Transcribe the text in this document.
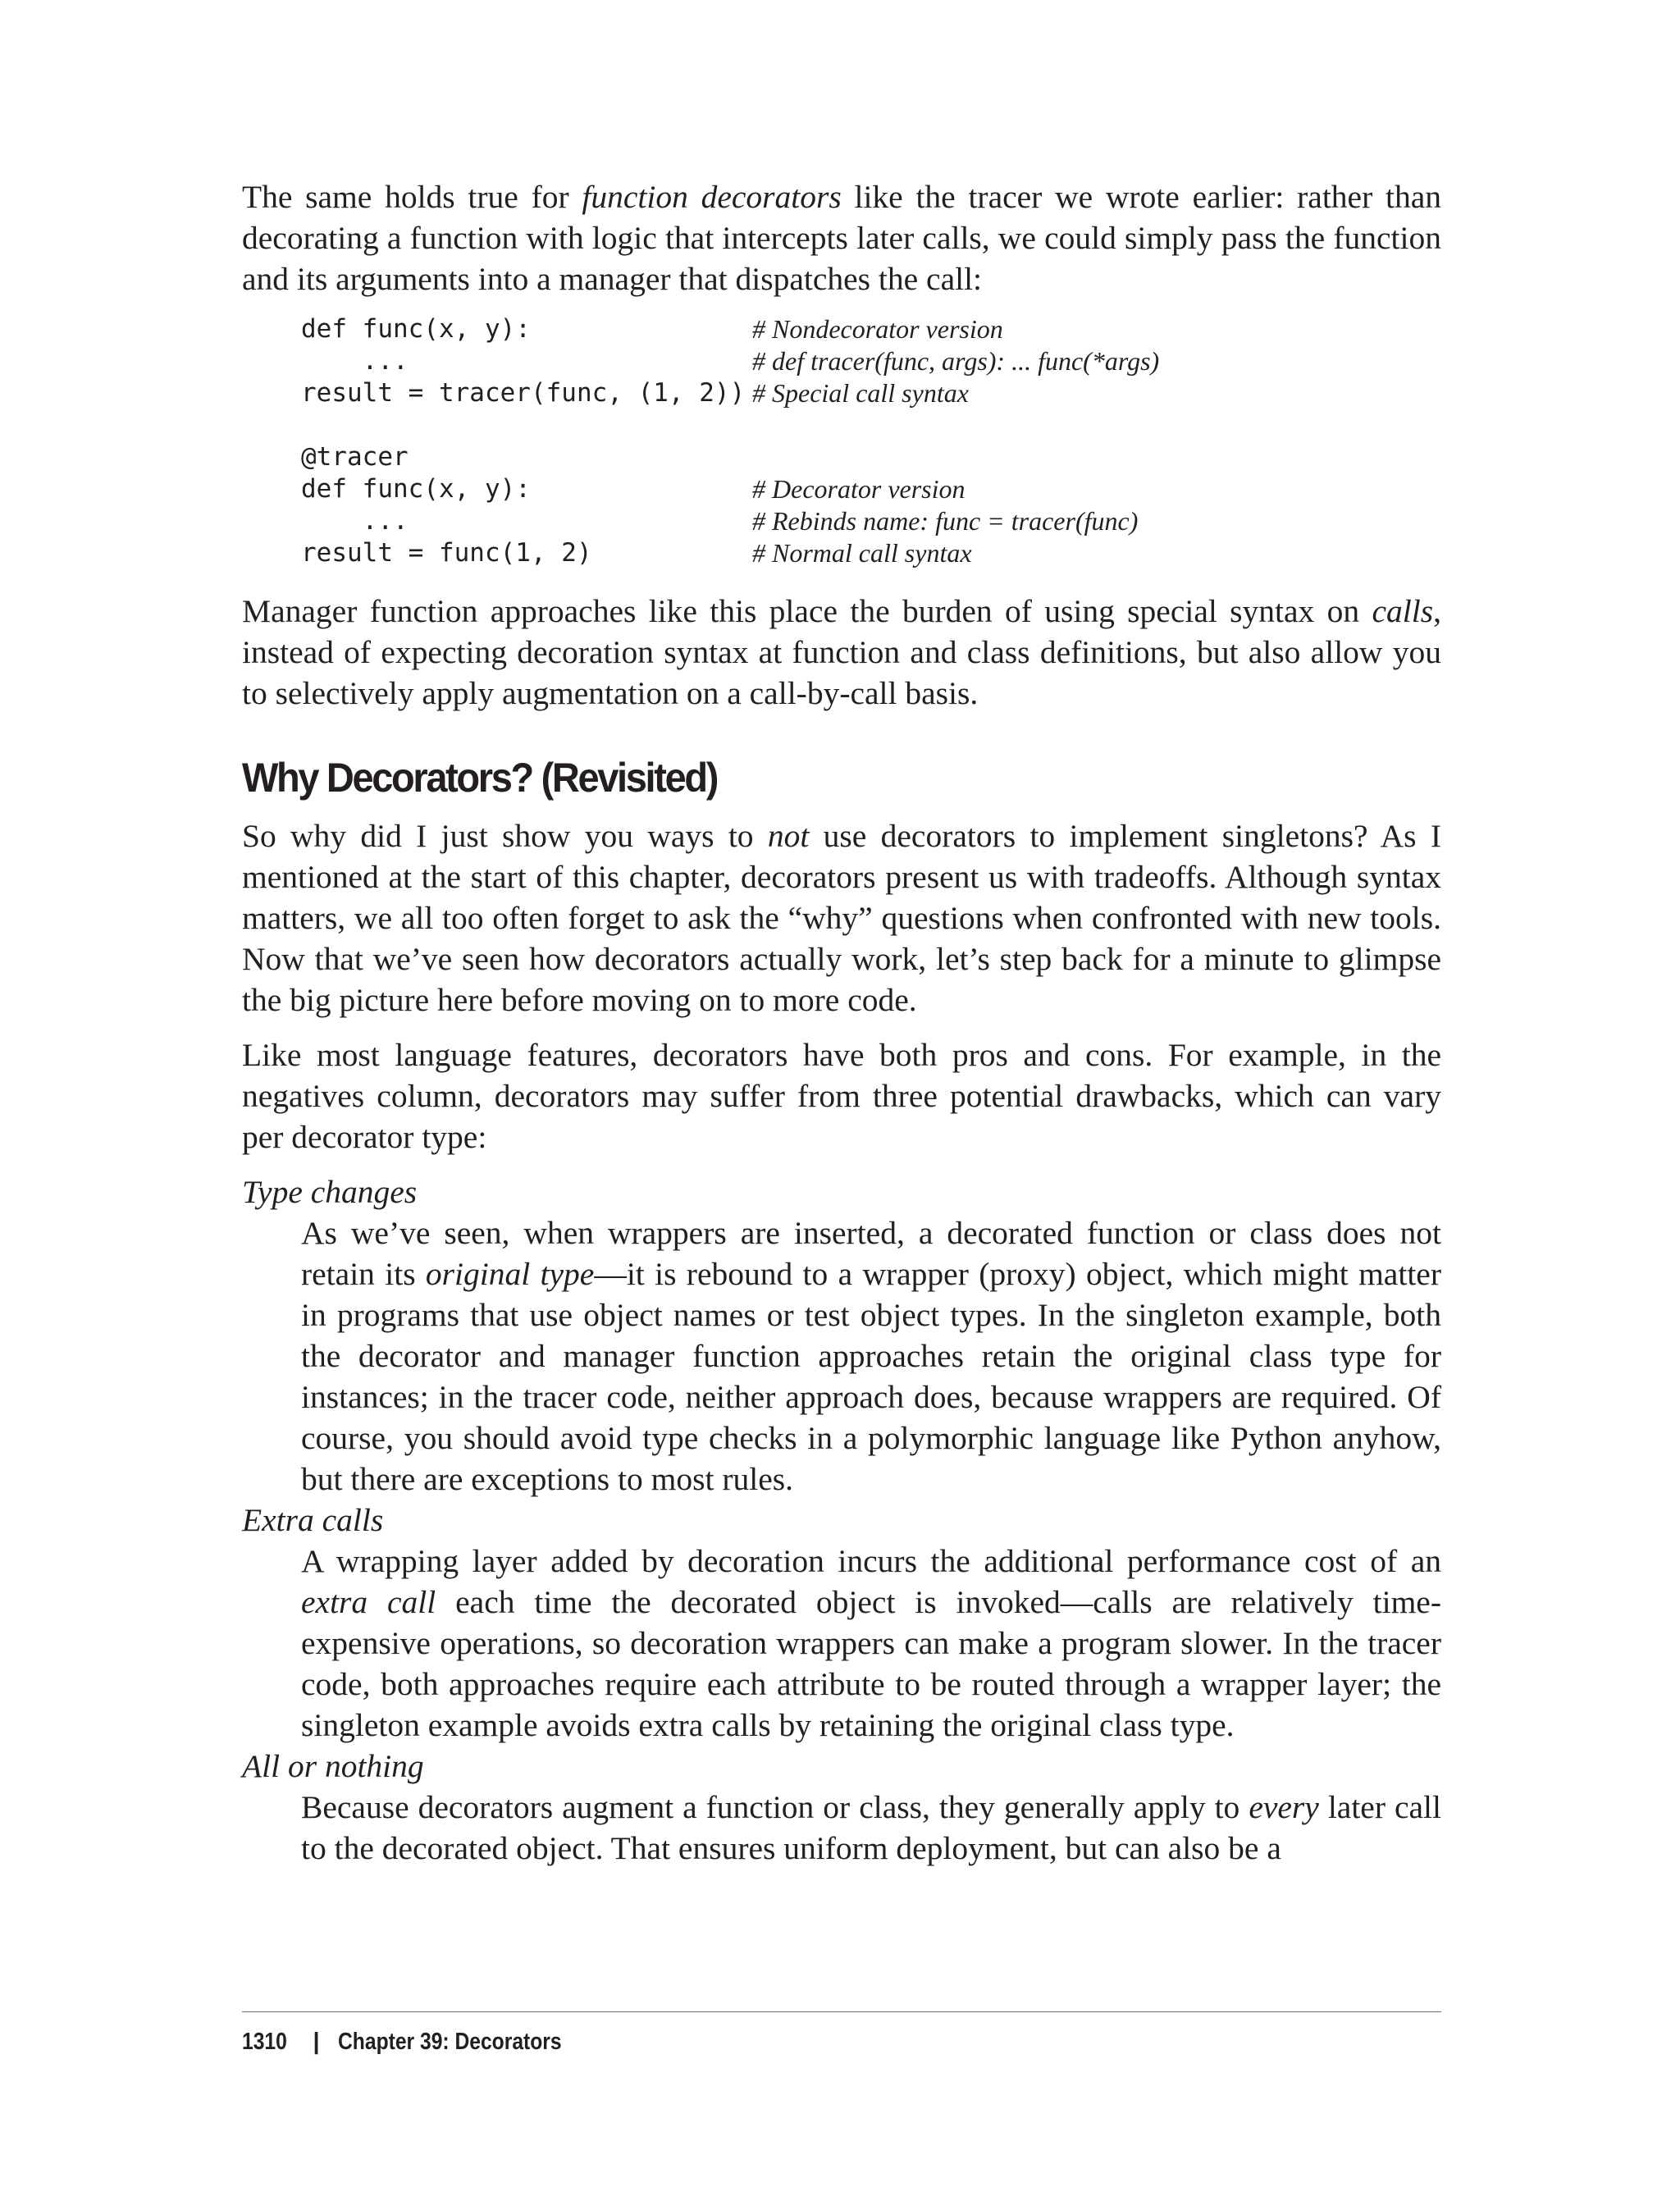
The same holds true for function decorators like the tracer we wrote earlier: rather than decorating a function with logic that intercepts later calls, we could simply pass the function and its arguments into a manager that dispatches the call:

def func(x, y):	# Nondecorator version
...	# def tracer(func, args): ... func(*args)
result = tracer(func, (1, 2)) # Special call syntax
@tracer
def func(x, y):	# Decorator version
...	# Rebinds name: func = tracer(func)
result = func(1, 2)	# Normal call syntax

Manager function approaches like this place the burden of using special syntax on calls, instead of expecting decoration syntax at function and class definitions, but also allow you to selectively apply augmentation on a call-by-call basis.

Why Decorators? (Revisited)

So why did I just show you ways to not use decorators to implement singletons? As I mentioned at the start of this chapter, decorators present us with tradeoffs. Although syntax matters, we all too often forget to ask the “why” questions when confronted with new tools. Now that we’ve seen how decorators actually work, let’s step back for a minute to glimpse the big picture here before moving on to more code.

Like most language features, decorators have both pros and cons. For example, in the negatives column, decorators may suffer from three potential drawbacks, which can vary per decorator type:

Type changes
As we’ve seen, when wrappers are inserted, a decorated function or class does not retain its original type—it is rebound to a wrapper (proxy) object, which might matter in programs that use object names or test object types. In the singleton example, both the decorator and manager function approaches retain the original class type for instances; in the tracer code, neither approach does, because wrappers are required. Of course, you should avoid type checks in a polymorphic language like Python anyhow, but there are exceptions to most rules.
Extra calls
A wrapping layer added by decoration incurs the additional performance cost of an extra call each time the decorated object is invoked—calls are relatively time-expensive operations, so decoration wrappers can make a program slower. In the tracer code, both approaches require each attribute to be routed through a wrapper layer; the singleton example avoids extra calls by retaining the original class type.
All or nothing
Because decorators augment a function or class, they generally apply to every later call to the decorated object. That ensures uniform deployment, but can also be a
1310 | Chapter 39: Decorators
